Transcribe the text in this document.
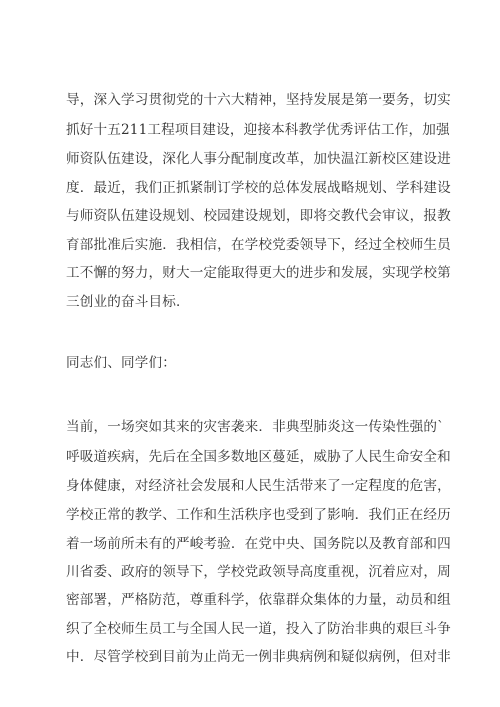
导，深入学习贯彻党的十六大精神，坚持发展是第一要务，切实
抓好十五211工程项目建设，迎接本科教学优秀评估工作，加强
师资队伍建设，深化人事分配制度改革，加快温江新校区建设进
度．最近，我们正抓紧制订学校的总体发展战略规划、学科建设
与师资队伍建设规划、校园建设规划，即将交教代会审议，报教
育部批准后实施．我相信，在学校党委领导下，经过全校师生员
工不懈的努力，财大一定能取得更大的进步和发展，实现学校第
三创业的奋斗目标．
同志们、同学们：
当前，一场突如其来的灾害袭来．非典型肺炎这一传染性强的`
呼吸道疾病，先后在全国多数地区蔓延，威胁了人民生命安全和
身体健康，对经济社会发展和人民生活带来了一定程度的危害，
学校正常的教学、工作和生活秩序也受到了影响．我们正在经历
着一场前所未有的严峻考验．在党中央、国务院以及教育部和四
川省委、政府的领导下，学校党政领导高度重视，沉着应对，周
密部署，严格防范，尊重科学，依靠群众集体的力量，动员和组
织了全校师生员工与全国人民一道，投入了防治非典的艰巨斗争
中．尽管学校到目前为止尚无一例非典病例和疑似病例，但对非
